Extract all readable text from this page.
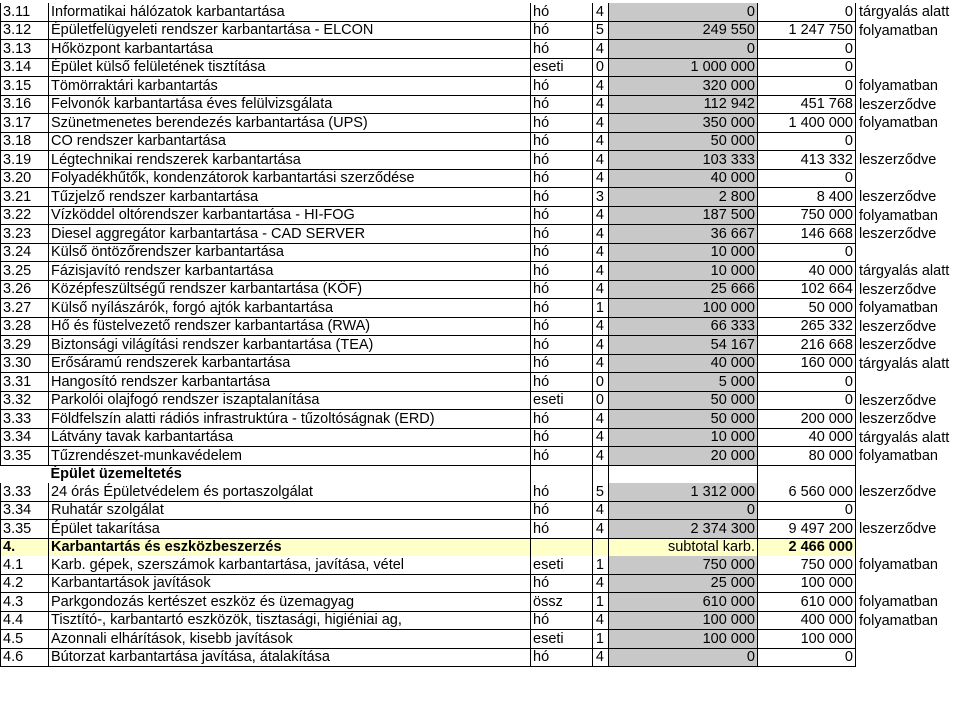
3.11	Informatikai hálózatok karbantartása	hó	4	0	0	tárgyalás alatt
3.12	Épületfelügyeleti rendszer karbantartása - ELCON	hó	5	249 550	1 247 750	folyamatban
3.13	Hőközpont karbantartása	hó	4	0	0	
3.14	Épület külső felületének tisztítása	eseti	0	1 000 000	0	
3.15	Tömörraktári karbantartás	hó	4	320 000	0	folyamatban
3.16	Felvonók karbantartása éves felülvizsgálata	hó	4	112 942	451 768	leszerződve
3.17	Szünetmenetes berendezés karbantartása (UPS)	hó	4	350 000	1 400 000	folyamatban
3.18	CO rendszer karbantartása	hó	4	50 000	0	
3.19	Légtechnikai rendszerek karbantartása	hó	4	103 333	413 332	leszerződve
3.20	Folyadékhűtők, kondenzátorok karbantartási szerződése	hó	4	40 000	0	
3.21	Tűzjelző rendszer karbantartása	hó	3	2 800	8 400	leszerződve
3.22	Vízköddel oltórendszer karbantartása - HI-FOG	hó	4	187 500	750 000	folyamatban
3.23	Diesel aggregátor karbantartása - CAD SERVER	hó	4	36 667	146 668	leszerződve
3.24	Külső öntözőrendszer karbantartása	hó	4	10 000	0	
3.25	Fázisjavító rendszer karbantartása	hó	4	10 000	40 000	tárgyalás alatt
3.26	Középfeszültségű rendszer karbantartása (KÖF)	hó	4	25 666	102 664	leszerződve
3.27	Külső nyílászárók, forgó ajtók karbantartása	hó	1	100 000	50 000	folyamatban
3.28	Hő és füstelvezető rendszer karbantartása (RWA)	hó	4	66 333	265 332	leszerződve
3.29	Biztonsági világítási rendszer karbantartása (TEA)	hó	4	54 167	216 668	leszerződve
3.30	Erősáramú rendszerek karbantartása	hó	4	40 000	160 000	tárgyalás alatt
3.31	Hangosító rendszer karbantartása	hó	0	5 000	0	
3.32	Parkolói olajfogó rendszer iszaptalanítása	eseti	0	50 000	0	leszerződve
3.33	Földfelszín alatti rádiós infrastruktúra - tűzoltóságnak (ERD)	hó	4	50 000	200 000	leszerződve
3.34	Látvány tavak karbantartása	hó	4	10 000	40 000	tárgyalás alatt
3.35	Tűzrendészet-munkavédelem	hó	4	20 000	80 000	folyamatban
	Épület üzemeltetés					
3.33	24 órás Épületvédelem és portaszolgálat	hó	5	1 312 000	6 560 000	leszerződve
3.34	Ruhatár szolgálat	hó	4	0	0	
3.35	Épület takarítása	hó	4	2 374 300	9 497 200	leszerződve
4.	Karbantartás és eszközbeszerzés			subtotal karb.	2 466 000	
4.1	Karb. gépek, szerszámok karbantartása, javítása, vétel	eseti	1	750 000	750 000	folyamatban
4.2	Karbantartások javítások	hó	4	25 000	100 000	
4.3	Parkgondozás kertészet eszköz és üzemagyag	össz	1	610 000	610 000	folyamatban
4.4	Tisztító-, karbantartó eszközök, tisztasági, higiéniai ag,	hó	4	100 000	400 000	folyamatban
4.5	Azonnali elhárítások, kisebb javítások	eseti	1	100 000	100 000	
4.6	Bútorzat karbantartása javítása, átalakítása	hó	4	0	0	
